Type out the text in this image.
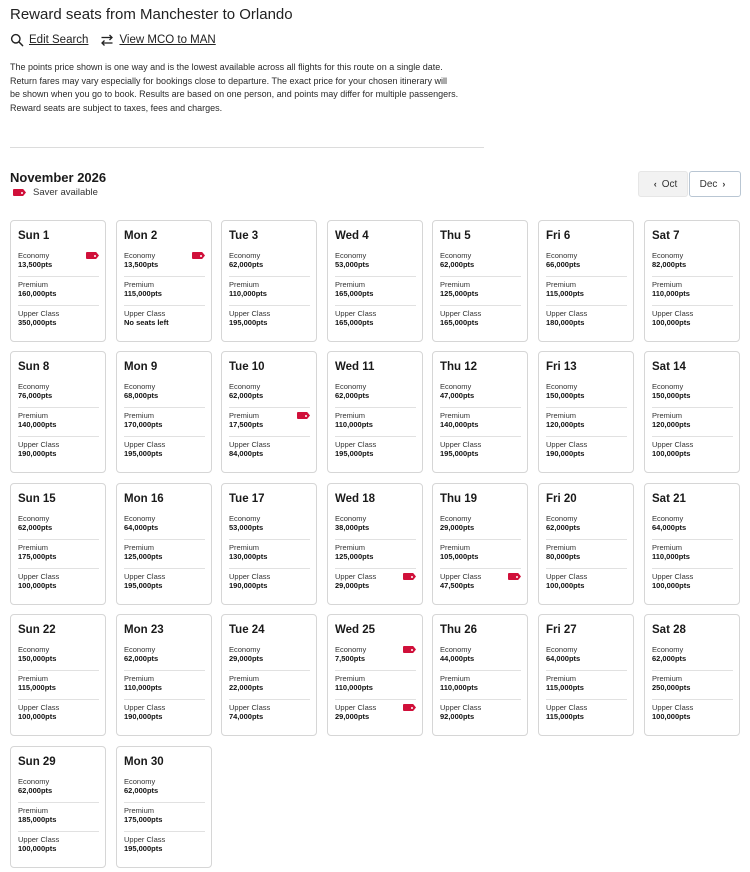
Reward seats from Manchester to Orlando
Edit Search	View MCO to MAN

The points price shown is one way and is the lowest available across all flights for this route on a single date.

Return fares may vary especially for bookings close to departure. The exact price for your chosen itinerary will

be shown when you go to book. Results are based on one person, and points may differ for multiple passengers.

Reward seats are subject to taxes, fees and charges.

November 2026
Saver available
‹ Oct Dec ›
Sun 1
Economy
13,500pts
Premium
160,000pts
Upper Class
350,000pts
Mon 2
Economy
13,500pts
Premium
115,000pts
Upper Class
No seats left
Tue 3
Economy
62,000pts
Premium
110,000pts
Upper Class
195,000pts
Wed 4
Economy
53,000pts
Premium
165,000pts
Upper Class
165,000pts
Thu 5
Economy
62,000pts
Premium
125,000pts
Upper Class
165,000pts
Fri 6
Economy
66,000pts
Premium
115,000pts
Upper Class
180,000pts
Sat 7
Economy
82,000pts
Premium
110,000pts
Upper Class
100,000pts
Sun 8
Economy
76,000pts
Premium
140,000pts
Upper Class
190,000pts
Mon 9
Economy
68,000pts
Premium
170,000pts
Upper Class
195,000pts
Tue 10
Economy
62,000pts
Premium
17,500pts
Upper Class
84,000pts
Wed 11
Economy
62,000pts
Premium
110,000pts
Upper Class
195,000pts
Thu 12
Economy
47,000pts
Premium
140,000pts
Upper Class
195,000pts
Fri 13
Economy
150,000pts
Premium
120,000pts
Upper Class
190,000pts
Sat 14
Economy
150,000pts
Premium
120,000pts
Upper Class
100,000pts
Sun 15
Economy
62,000pts
Premium
175,000pts
Upper Class
100,000pts
Mon 16
Economy
64,000pts
Premium
125,000pts
Upper Class
195,000pts
Tue 17
Economy
53,000pts
Premium
130,000pts
Upper Class
190,000pts
Wed 18
Economy
38,000pts
Premium
125,000pts
Upper Class
29,000pts
Thu 19
Economy
29,000pts
Premium
105,000pts
Upper Class
47,500pts
Fri 20
Economy
62,000pts
Premium
80,000pts
Upper Class
100,000pts
Sat 21
Economy
64,000pts
Premium
110,000pts
Upper Class
100,000pts
Sun 22
Economy
150,000pts
Premium
115,000pts
Upper Class
100,000pts
Mon 23
Economy
62,000pts
Premium
110,000pts
Upper Class
190,000pts
Tue 24
Economy
29,000pts
Premium
22,000pts
Upper Class
74,000pts
Wed 25
Economy
7,500pts
Premium
110,000pts
Upper Class
29,000pts
Thu 26
Economy
44,000pts
Premium
110,000pts
Upper Class
92,000pts
Fri 27
Economy
64,000pts
Premium
115,000pts
Upper Class
115,000pts
Sat 28
Economy
62,000pts
Premium
250,000pts
Upper Class
100,000pts
Sun 29
Economy
62,000pts
Premium
185,000pts
Upper Class
100,000pts
Mon 30
Economy
62,000pts
Premium
175,000pts
Upper Class
195,000pts
